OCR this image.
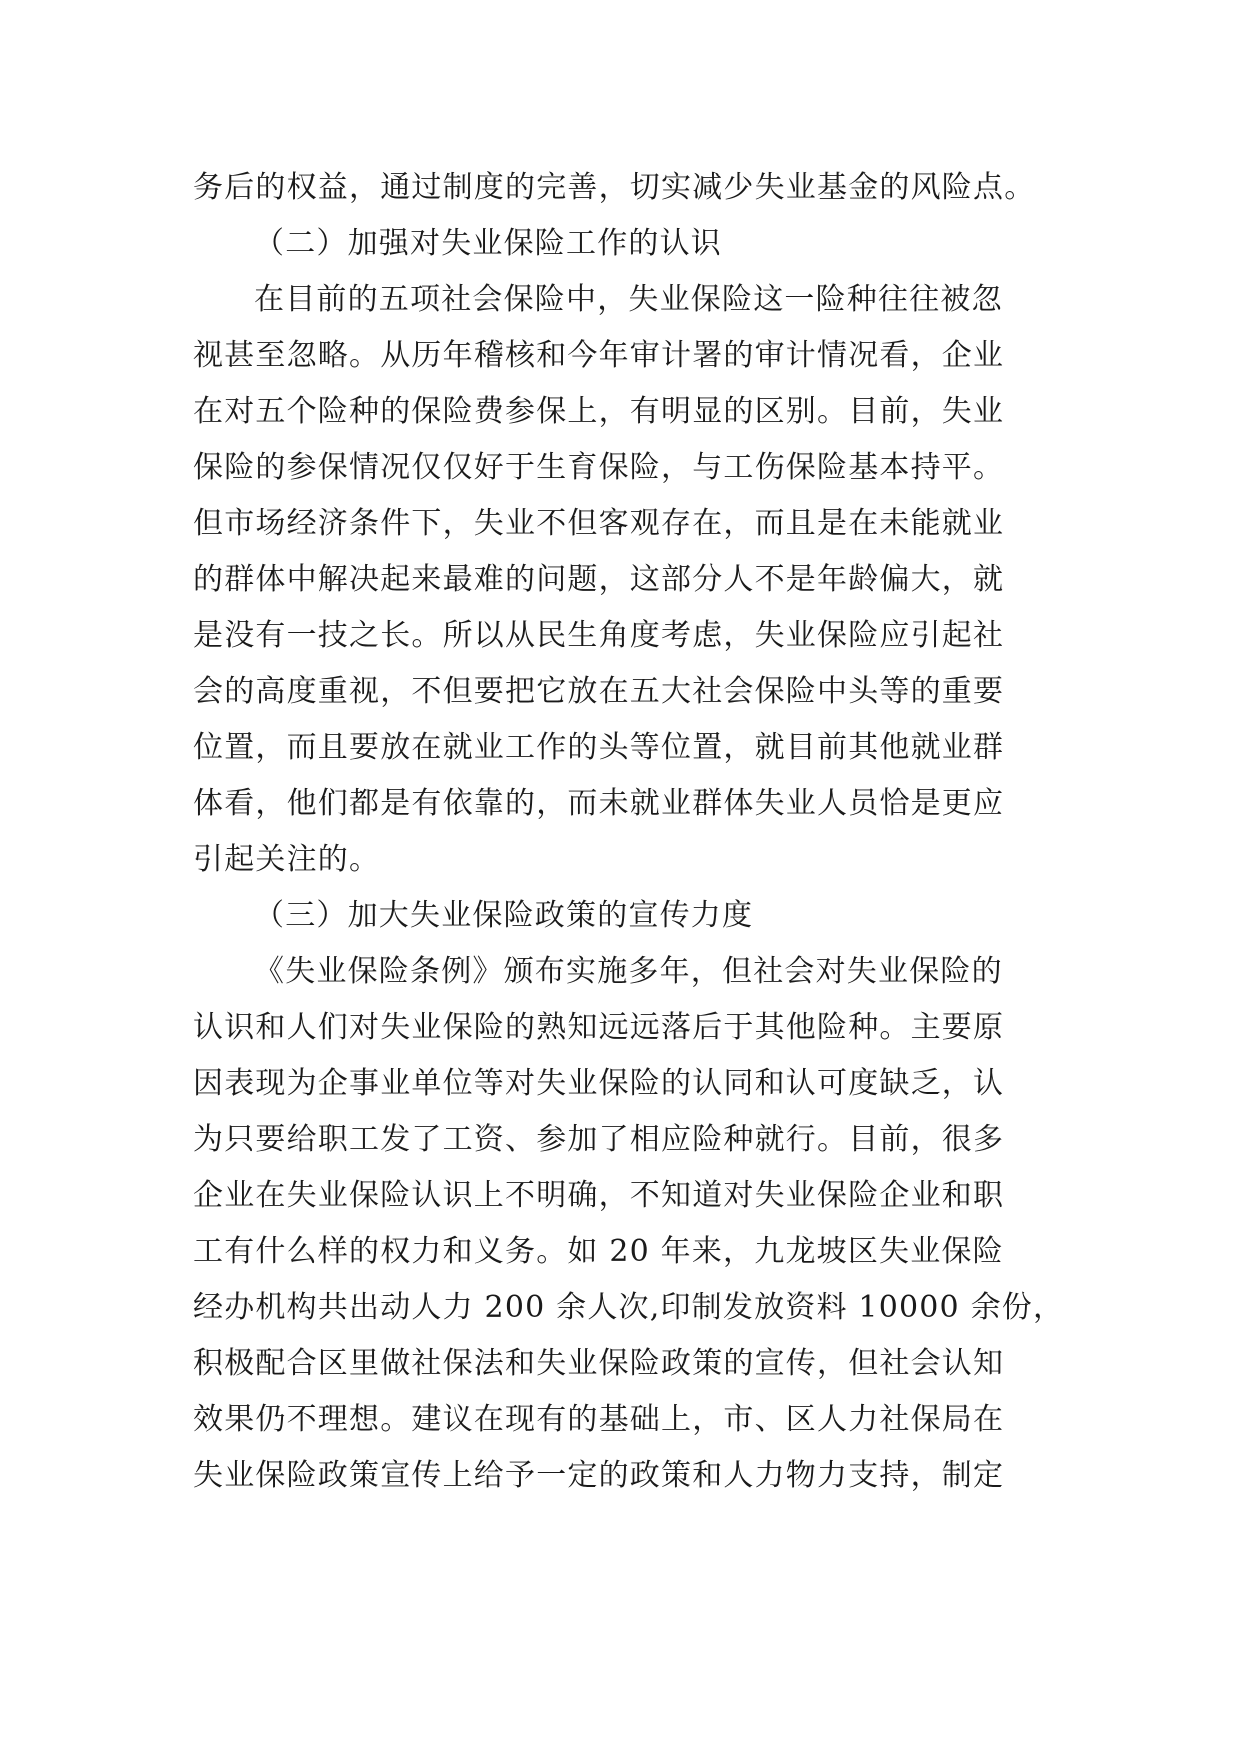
务后的权益，通过制度的完善，切实减少失业基金的风险点。
（二）加强对失业保险工作的认识
在目前的五项社会保险中，失业保险这一险种往往被忽
视甚至忽略。从历年稽核和今年审计署的审计情况看，企业
在对五个险种的保险费参保上，有明显的区别。目前，失业
保险的参保情况仅仅好于生育保险，与工伤保险基本持平。
但市场经济条件下，失业不但客观存在，而且是在未能就业
的群体中解决起来最难的问题，这部分人不是年龄偏大，就
是没有一技之长。所以从民生角度考虑，失业保险应引起社
会的高度重视，不但要把它放在五大社会保险中头等的重要
位置，而且要放在就业工作的头等位置，就目前其他就业群
体看，他们都是有依靠的，而未就业群体失业人员恰是更应
引起关注的。
（三）加大失业保险政策的宣传力度
《失业保险条例》颁布实施多年，但社会对失业保险的
认识和人们对失业保险的熟知远远落后于其他险种。主要原
因表现为企事业单位等对失业保险的认同和认可度缺乏，认
为只要给职工发了工资、参加了相应险种就行。目前，很多
企业在失业保险认识上不明确，不知道对失业保险企业和职
工有什么样的权力和义务。如 20 年来，九龙坡区失业保险
经办机构共出动人力 200 余人次,印制发放资料 10000 余份，
积极配合区里做社保法和失业保险政策的宣传，但社会认知
效果仍不理想。建议在现有的基础上，市、区人力社保局在
失业保险政策宣传上给予一定的政策和人力物力支持，制定
